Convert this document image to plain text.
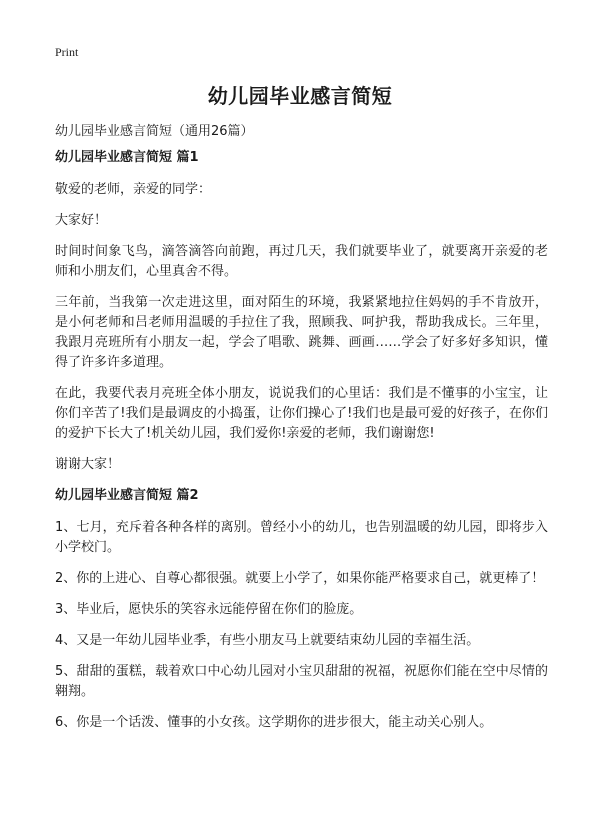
Print
幼儿园毕业感言简短
幼儿园毕业感言简短（通用26篇）
幼儿园毕业感言简短 篇1

敬爱的老师，亲爱的同学：

大家好！

时间时间象飞鸟，滴答滴答向前跑，再过几天，我们就要毕业了，就要离开亲爱的老师和小朋友们，心里真舍不得。

三年前，当我第一次走进这里，面对陌生的环境，我紧紧地拉住妈妈的手不肯放开，是小何老师和吕老师用温暖的手拉住了我，照顾我、呵护我，帮助我成长。三年里，我跟月亮班所有小朋友一起，学会了唱歌、跳舞、画画……学会了好多好多知识，懂得了许多许多道理。

在此，我要代表月亮班全体小朋友，说说我们的心里话：我们是不懂事的小宝宝，让你们辛苦了!我们是最调皮的小捣蛋，让你们操心了!我们也是最可爱的好孩子，在你们的爱护下长大了!机关幼儿园，我们爱你!亲爱的老师，我们谢谢您!

谢谢大家！

幼儿园毕业感言简短 篇2

1、七月，充斥着各种各样的离别。曾经小小的幼儿，也告别温暖的幼儿园，即将步入小学校门。

2、你的上进心、自尊心都很强。就要上小学了，如果你能严格要求自己，就更棒了！

3、毕业后，愿快乐的笑容永远能停留在你们的脸庞。

4、又是一年幼儿园毕业季，有些小朋友马上就要结束幼儿园的幸福生活。

5、甜甜的蛋糕，载着欢口中心幼儿园对小宝贝甜甜的祝福，祝愿你们能在空中尽情的翱翔。

6、你是一个话泼、懂事的小女孩。这学期你的进步很大，能主动关心别人。
